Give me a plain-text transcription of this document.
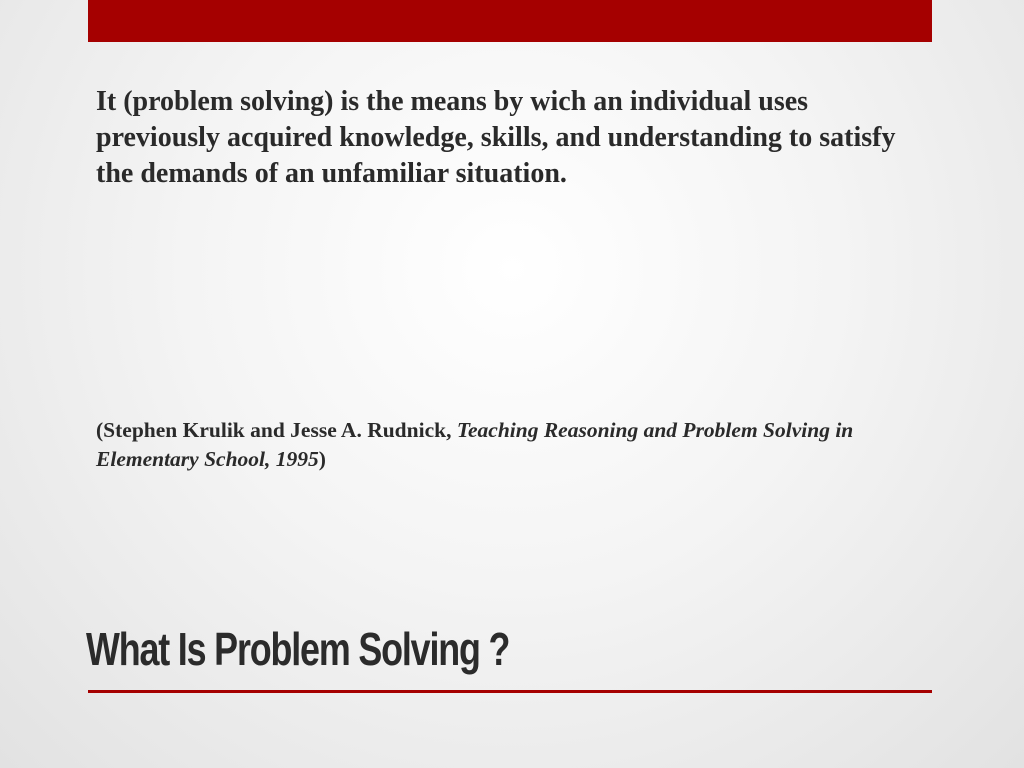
It (problem solving) is the means by wich an individual uses previously acquired knowledge, skills, and understanding to satisfy the demands of an unfamiliar situation.

(Stephen Krulik and Jesse A. Rudnick, Teaching Reasoning and Problem Solving in Elementary School, 1995)

What Is Problem Solving ?
